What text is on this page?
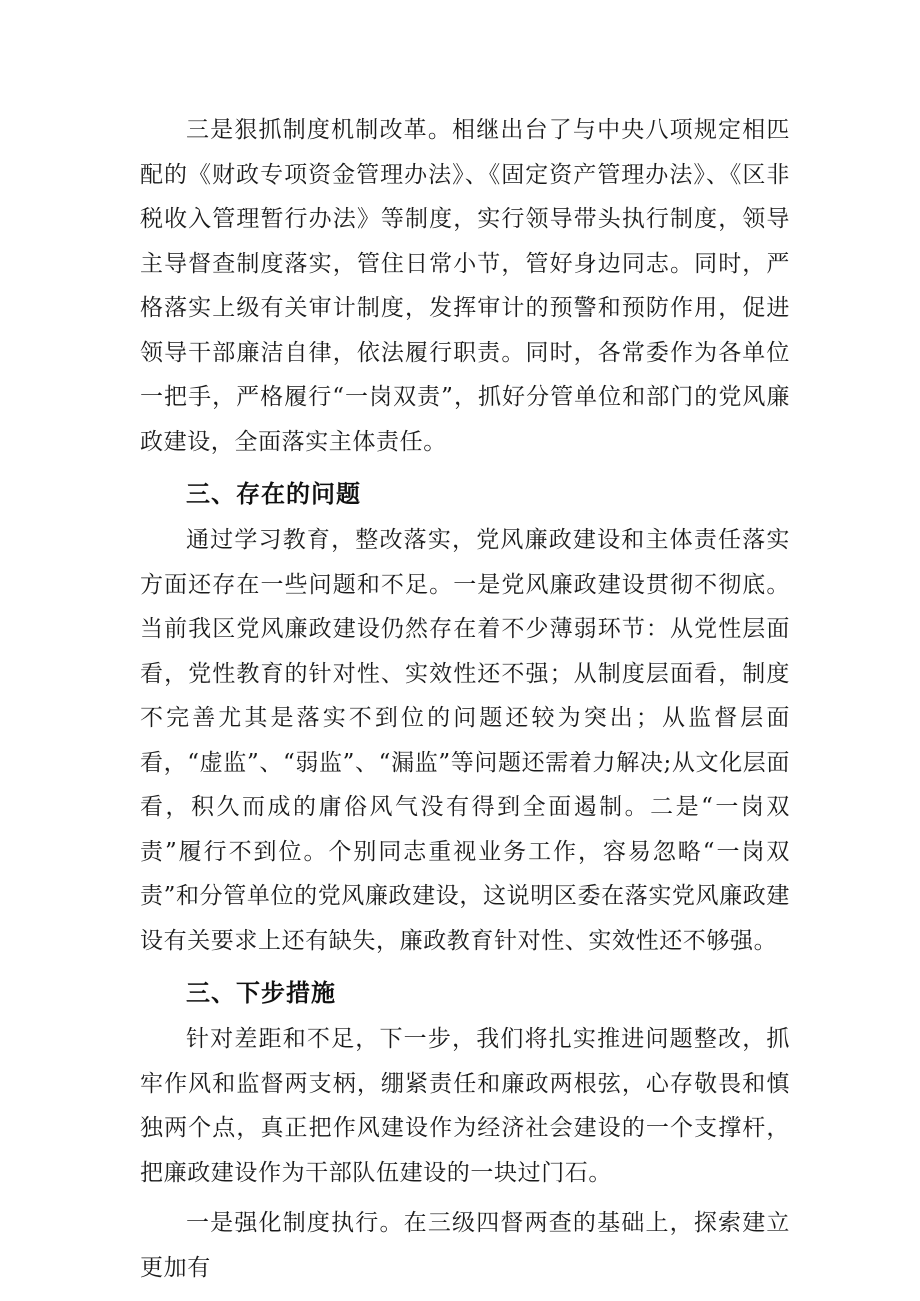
三是狠抓制度机制改革。相继出台了与中央八项规定相匹配的《财政专项资金管理办法》、《固定资产管理办法》、《区非税收入管理暂行办法》等制度，实行领导带头执行制度，领导主导督查制度落实，管住日常小节，管好身边同志。同时，严格落实上级有关审计制度，发挥审计的预警和预防作用，促进领导干部廉洁自律，依法履行职责。同时，各常委作为各单位一把手，严格履行“一岗双责”，抓好分管单位和部门的党风廉政建设，全面落实主体责任。

三、存在的问题

通过学习教育，整改落实，党风廉政建设和主体责任落实方面还存在一些问题和不足。一是党风廉政建设贯彻不彻底。当前我区党风廉政建设仍然存在着不少薄弱环节：从党性层面看，党性教育的针对性、实效性还不强；从制度层面看，制度不完善尤其是落实不到位的问题还较为突出；从监督层面看，“虚监”、“弱监”、“漏监”等问题还需着力解决;从文化层面看，积久而成的庸俗风气没有得到全面遏制。二是“一岗双责”履行不到位。个别同志重视业务工作，容易忽略“一岗双责”和分管单位的党风廉政建设，这说明区委在落实党风廉政建设有关要求上还有缺失，廉政教育针对性、实效性还不够强。

三、下步措施

针对差距和不足，下一步，我们将扎实推进问题整改，抓牢作风和监督两支柄，绷紧责任和廉政两根弦，心存敬畏和慎独两个点，真正把作风建设作为经济社会建设的一个支撑杆，把廉政建设作为干部队伍建设的一块过门石。

一是强化制度执行。在三级四督两查的基础上，探索建立更加有
